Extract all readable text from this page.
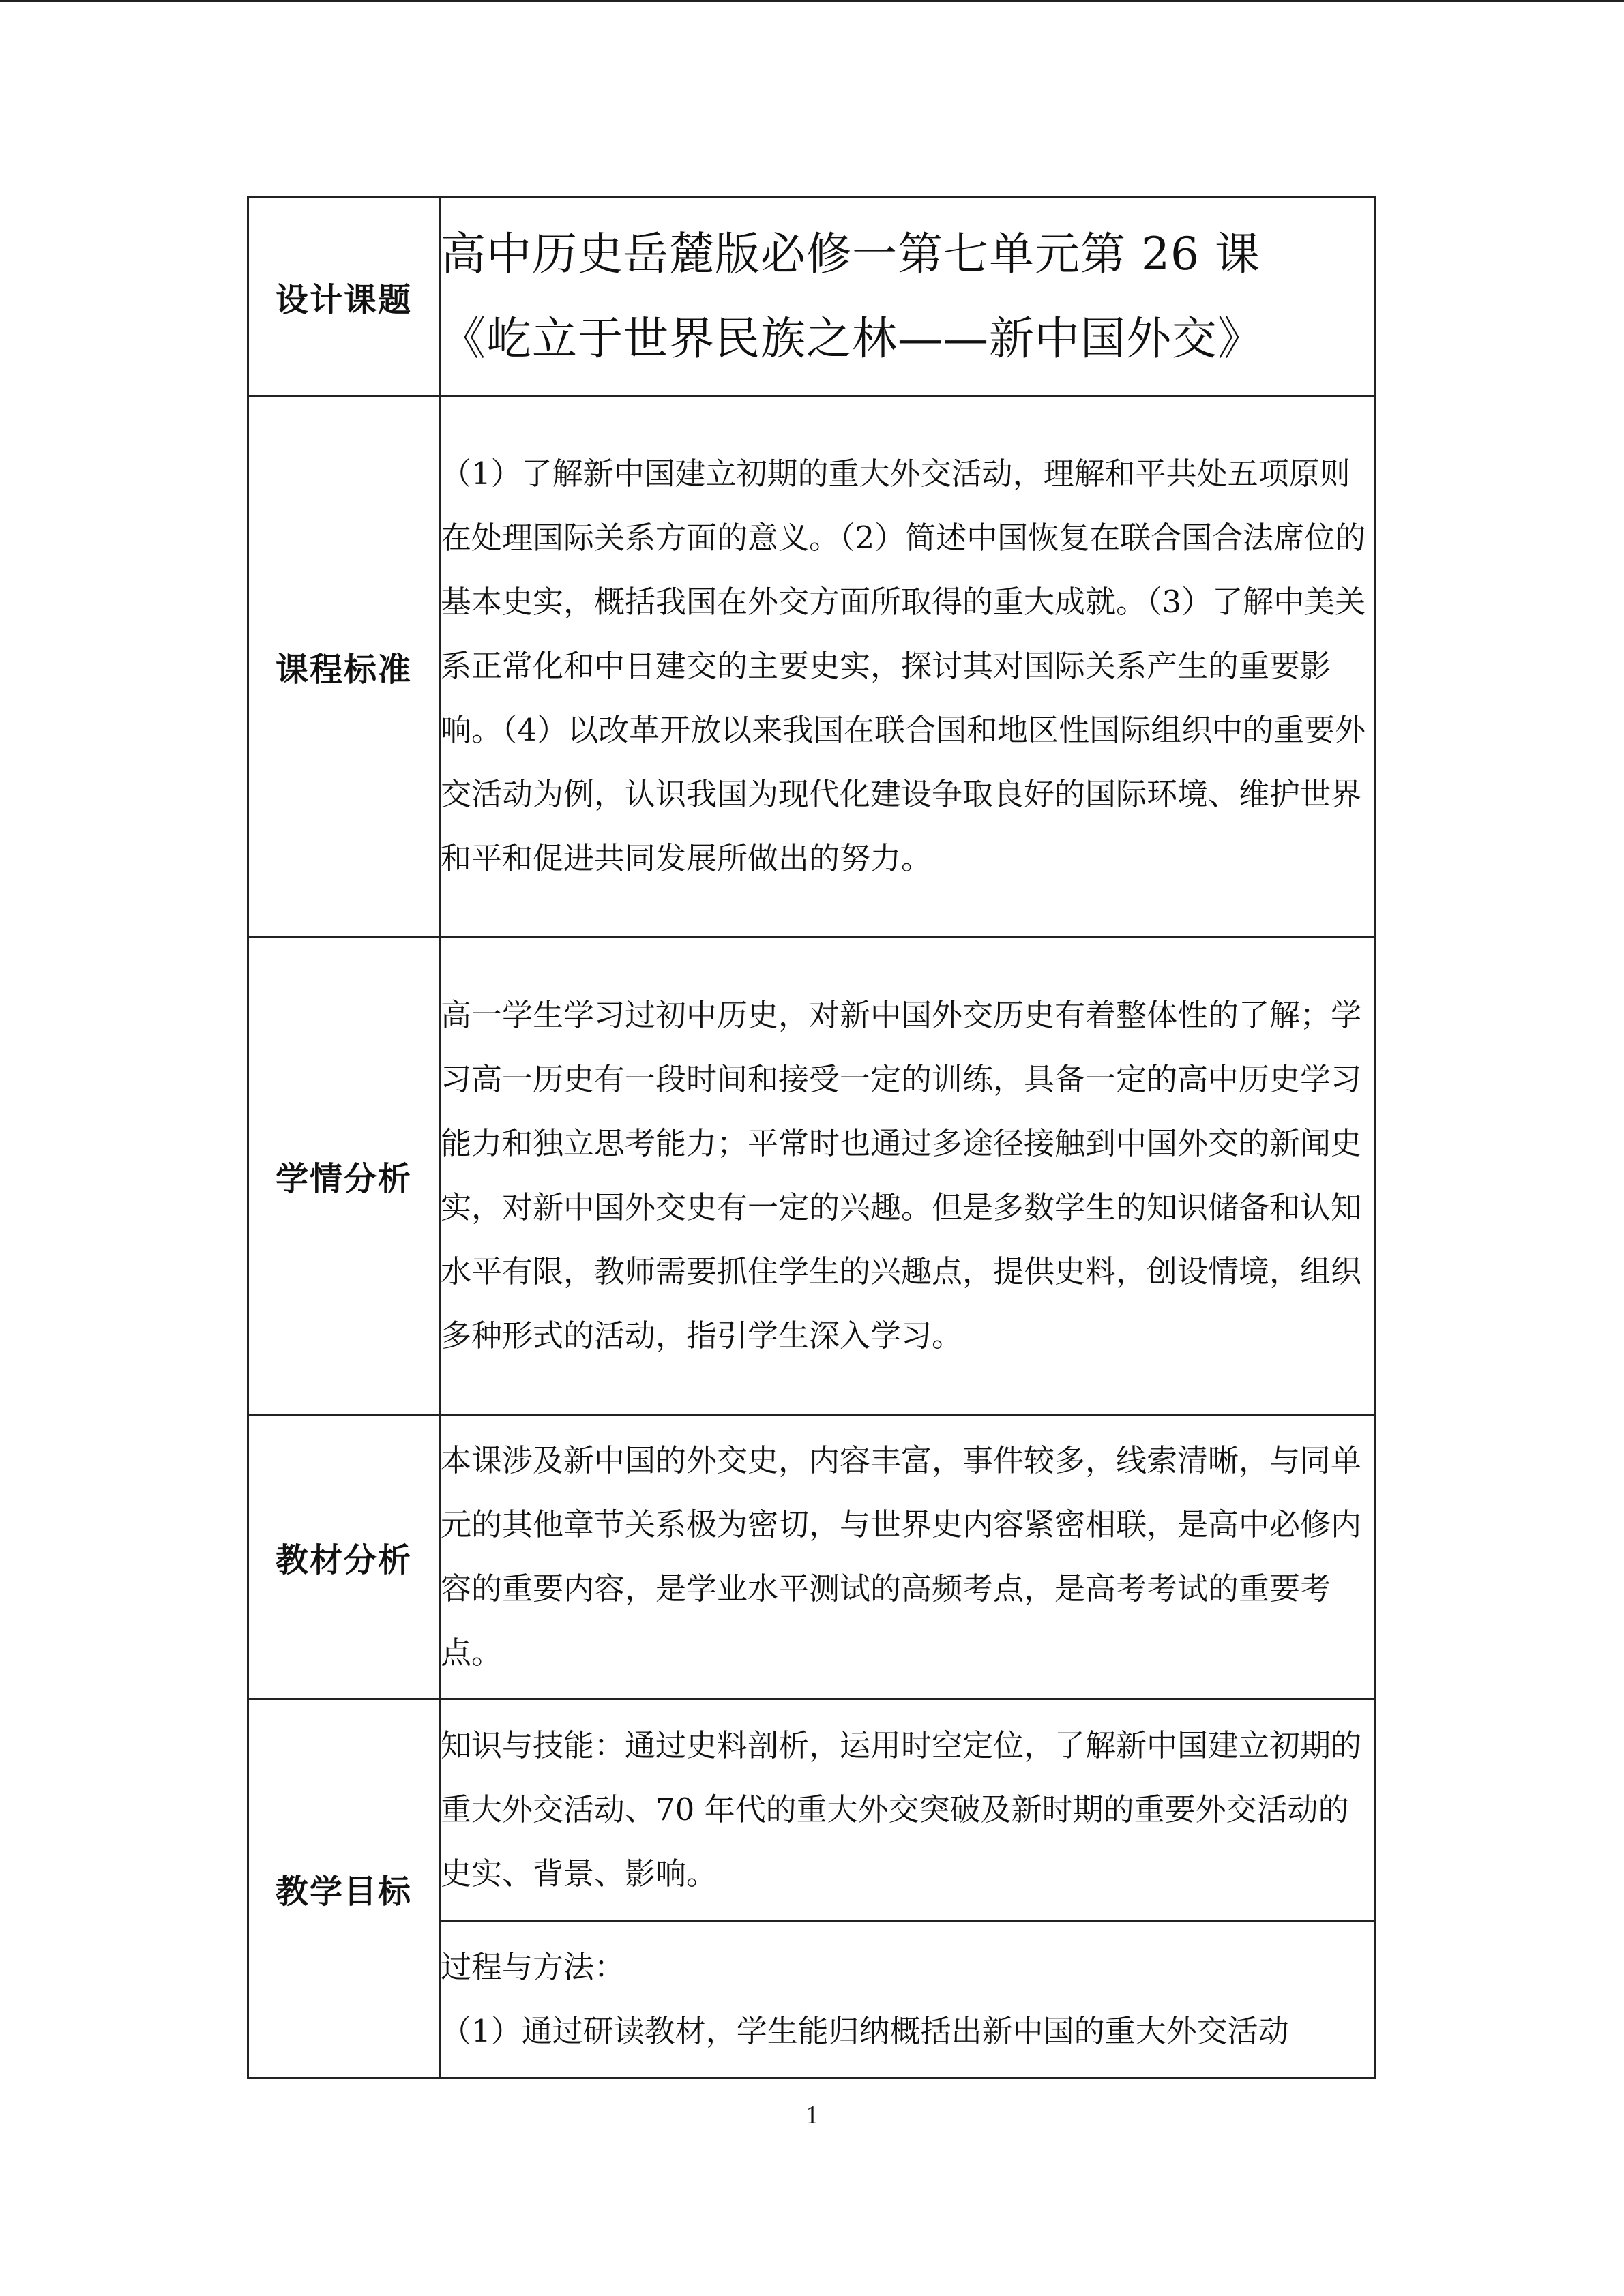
设计课题	高中历史岳麓版必修一第七单元第 26 课
《屹立于世界民族之林——新中国外交》

课程标准	（1）了解新中国建立初期的重大外交活动，理解和平共处五项原则在处理国际关系方面的意义。（2）简述中国恢复在联合国合法席位的基本史实，概括我国在外交方面所取得的重大成就。（3）了解中美关系正常化和中日建交的主要史实，探讨其对国际关系产生的重要影响。（4）以改革开放以来我国在联合国和地区性国际组织中的重要外交活动为例，认识我国为现代化建设争取良好的国际环境、维护世界和平和促进共同发展所做出的努力。

学情分析	高一学生学习过初中历史，对新中国外交历史有着整体性的了解；学习高一历史有一段时间和接受一定的训练，具备一定的高中历史学习能力和独立思考能力；平常时也通过多途径接触到中国外交的新闻史实，对新中国外交史有一定的兴趣。但是多数学生的知识储备和认知水平有限，教师需要抓住学生的兴趣点，提供史料，创设情境，组织多种形式的活动，指引学生深入学习。

教材分析	本课涉及新中国的外交史，内容丰富，事件较多，线索清晰，与同单元的其他章节关系极为密切，与世界史内容紧密相联，是高中必修内容的重要内容，是学业水平测试的高频考点，是高考考试的重要考点。

教学目标	知识与技能：通过史料剖析，运用时空定位，了解新中国建立初期的重大外交活动、70 年代的重大外交突破及新时期的重要外交活动的史实、背景、影响。

	过程与方法：

（1）通过研读教材，学生能归纳概括出新中国的重大外交活动

1
